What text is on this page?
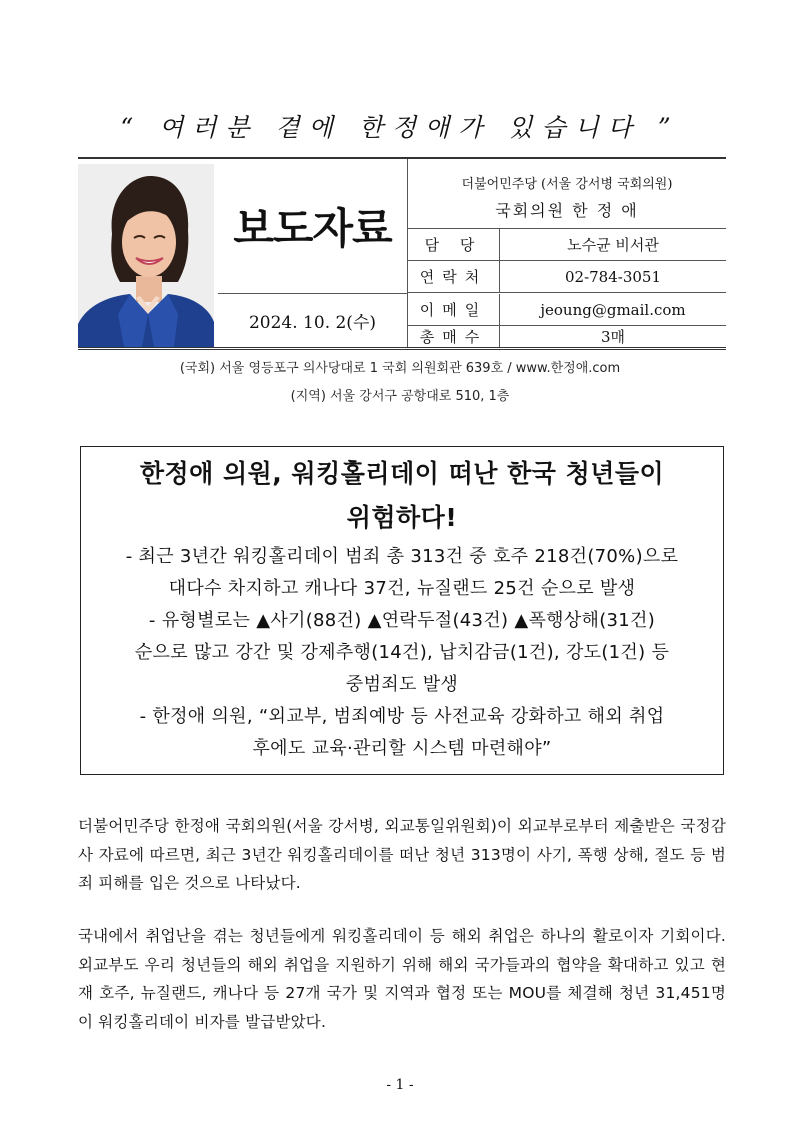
“ 여러분 곁에 한정애가 있습니다 ”
보도자료
2024. 10. 2(수)
더불어민주당 (서울 강서병 국회의원)
국회의원 한 정 애
담 당	노수균 비서관
연락처	02-784-3051
이메일	jeoung@gmail.com
총매수	3매
(국회) 서울 영등포구 의사당대로 1 국회 의원회관 639호 / www.한정애.com
(지역) 서울 강서구 공항대로 510, 1층
한정애 의원, 워킹홀리데이 떠난 한국 청년들이
위험하다!
- 최근 3년간 워킹홀리데이 범죄 총 313건 중 호주 218건(70%)으로
대다수 차지하고 캐나다 37건, 뉴질랜드 25건 순으로 발생
- 유형별로는 ▲사기(88건) ▲연락두절(43건) ▲폭행상해(31건)
순으로 많고 강간 및 강제추행(14건), 납치감금(1건), 강도(1건) 등
중범죄도 발생
- 한정애 의원, “외교부, 범죄예방 등 사전교육 강화하고 해외 취업
후에도 교육·관리할 시스템 마련해야”

더불어민주당 한정애 국회의원(서울 강서병, 외교통일위원회)이 외교부로부터 제출받은 국정감사 자료에 따르면, 최근 3년간 워킹홀리데이를 떠난 청년 313명이 사기, 폭행 상해, 절도 등 범죄 피해를 입은 것으로 나타났다.

국내에서 취업난을 겪는 청년들에게 워킹홀리데이 등 해외 취업은 하나의 활로이자 기회이다. 외교부도 우리 청년들의 해외 취업을 지원하기 위해 해외 국가들과의 협약을 확대하고 있고 현재 호주, 뉴질랜드, 캐나다 등 27개 국가 및 지역과 협정 또는 MOU를 체결해 청년 31,451명이 워킹홀리데이 비자를 발급받았다.

- 1 -
